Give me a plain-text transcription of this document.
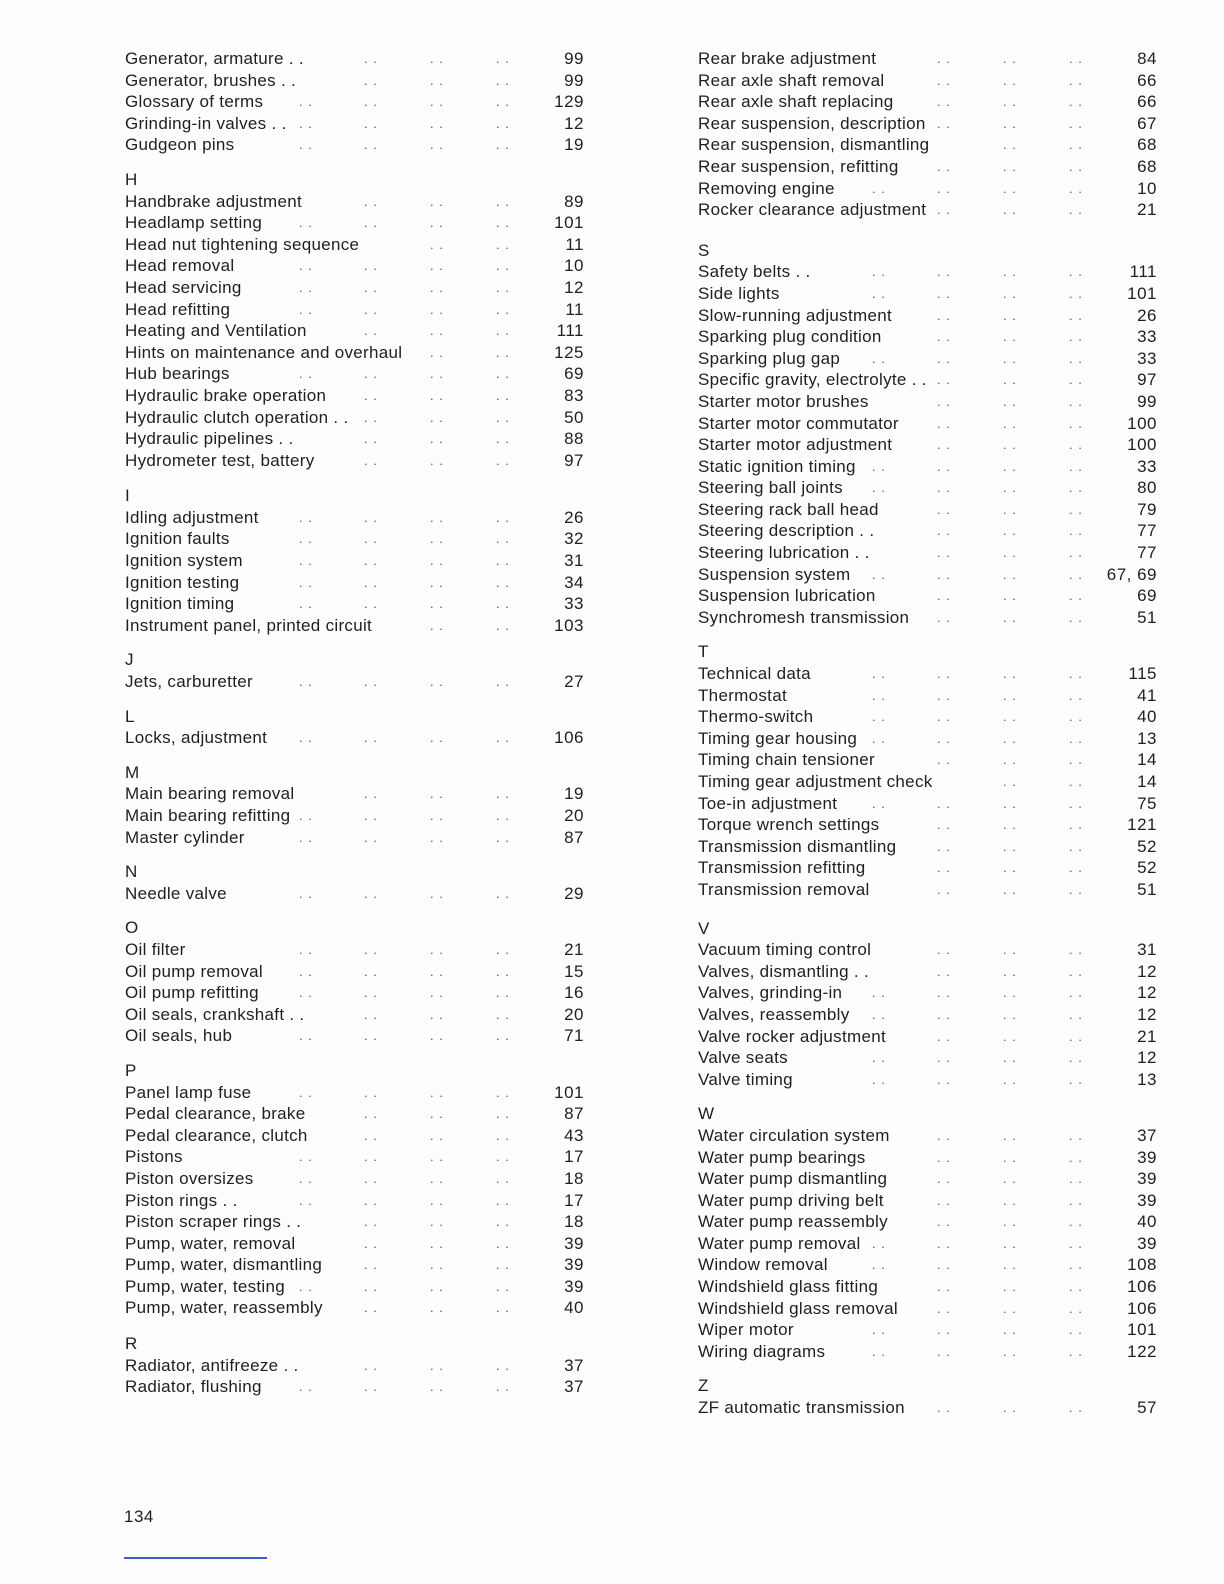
. .	. .	. .
Generator, armature . .	99
. .	. .	. .
Generator, brushes . .	99
. .	. .	. .	. .
Glossary of terms	129
. .	. .	. .	. .
Grinding-in valves . .	12
. .	. .	. .	. .
Gudgeon pins	19
H
. .	. .	. .
Handbrake adjustment	89
. .	. .	. .	. .
Headlamp setting	101
. .	. .
Head nut tightening sequence	11
. .	. .	. .	. .
Head removal	10
. .	. .	. .	. .
Head servicing	12
. .	. .	. .	. .
Head refitting	11
. .	. .	. .
Heating and Ventilation	111
. .	. .
Hints on maintenance and overhaul	125
. .	. .	. .	. .
Hub bearings	69
. .	. .	. .
Hydraulic brake operation	83
. .	. .	. .
Hydraulic clutch operation . .	50
. .	. .	. .
Hydraulic pipelines . .	88
. .	. .	. .
Hydrometer test, battery	97
I
. .	. .	. .	. .
Idling adjustment	26
. .	. .	. .	. .
Ignition faults	32
. .	. .	. .	. .
Ignition system	31
. .	. .	. .	. .
Ignition testing	34
. .	. .	. .	. .
Ignition timing	33
. .	. .
Instrument panel, printed circuit	103
J
. .	. .	. .	. .
Jets, carburetter	27
L
. .	. .	. .	. .
Locks, adjustment	106
M
. .	. .	. .
Main bearing removal	19
. .	. .	. .	. .
Main bearing refitting	20
. .	. .	. .	. .
Master cylinder	87
N
. .	. .	. .	. .
Needle valve	29
O
. .	. .	. .	. .
Oil filter	21
. .	. .	. .	. .
Oil pump removal	15
. .	. .	. .	. .
Oil pump refitting	16
. .	. .	. .
Oil seals, crankshaft . .	20
. .	. .	. .	. .
Oil seals, hub	71
P
. .	. .	. .	. .
Panel lamp fuse	101
. .	. .	. .
Pedal clearance, brake	87
. .	. .	. .
Pedal clearance, clutch	43
. .	. .	. .	. .
Pistons	17
. .	. .	. .	. .
Piston oversizes	18
. .	. .	. .	. .
Piston rings . .	17
. .	. .	. .
Piston scraper rings . .	18
. .	. .	. .
Pump, water, removal	39
. .	. .	. .
Pump, water, dismantling	39
. .	. .	. .	. .
Pump, water, testing	39
. .	. .	. .
Pump, water, reassembly	40
R
. .	. .	. .
Radiator, antifreeze . .	37
. .	. .	. .	. .
Radiator, flushing	37
. .	. .	. .
Rear brake adjustment	84
. .	. .	. .
Rear axle shaft removal	66
. .	. .	. .
Rear axle shaft replacing	66
. .	. .	. .
Rear suspension, description	67
. .	. .
Rear suspension, dismantling	68
. .	. .	. .
Rear suspension, refitting	68
. .	. .	. .	. .
Removing engine	10
. .	. .	. .
Rocker clearance adjustment	21
S
. .	. .	. .	. .
Safety belts . .	111
. .	. .	. .	. .
Side lights	101
. .	. .	. .
Slow-running adjustment	26
. .	. .	. .
Sparking plug condition	33
. .	. .	. .	. .
Sparking plug gap	33
. .	. .	. .
Specific gravity, electrolyte . .	97
. .	. .	. .
Starter motor brushes	99
. .	. .	. .
Starter motor commutator	100
. .	. .	. .
Starter motor adjustment	100
. .	. .	. .	. .
Static ignition timing	33
. .	. .	. .	. .
Steering ball joints	80
. .	. .	. .
Steering rack ball head	79
. .	. .	. .
Steering description . .	77
. .	. .	. .
Steering lubrication . .	77
. .	. .	. .	. .
Suspension system	67, 69
. .	. .	. .
Suspension lubrication	69
. .	. .	. .
Synchromesh transmission	51
T
. .	. .	. .	. .
Technical data	115
. .	. .	. .	. .
Thermostat	41
. .	. .	. .	. .
Thermo-switch	40
. .	. .	. .	. .
Timing gear housing	13
. .	. .	. .
Timing chain tensioner	14
. .	. .
Timing gear adjustment check	14
. .	. .	. .	. .
Toe-in adjustment	75
. .	. .	. .
Torque wrench settings	121
. .	. .	. .
Transmission dismantling	52
. .	. .	. .
Transmission refitting	52
. .	. .	. .
Transmission removal	51
V
. .	. .	. .
Vacuum timing control	31
. .	. .	. .
Valves, dismantling . .	12
. .	. .	. .	. .
Valves, grinding-in	12
. .	. .	. .	. .
Valves, reassembly	12
. .	. .	. .
Valve rocker adjustment	21
. .	. .	. .	. .
Valve seats	12
. .	. .	. .	. .
Valve timing	13
W
. .	. .	. .
Water circulation system	37
. .	. .	. .
Water pump bearings	39
. .	. .	. .
Water pump dismantling	39
. .	. .	. .
Water pump driving belt	39
. .	. .	. .
Water pump reassembly	40
. .	. .	. .	. .
Water pump removal	39
. .	. .	. .	. .
Window removal	108
. .	. .	. .
Windshield glass fitting	106
. .	. .	. .
Windshield glass removal	106
. .	. .	. .	. .
Wiper motor	101
. .	. .	. .	. .
Wiring diagrams	122
Z
. .	. .	. .
ZF automatic transmission	57
134
